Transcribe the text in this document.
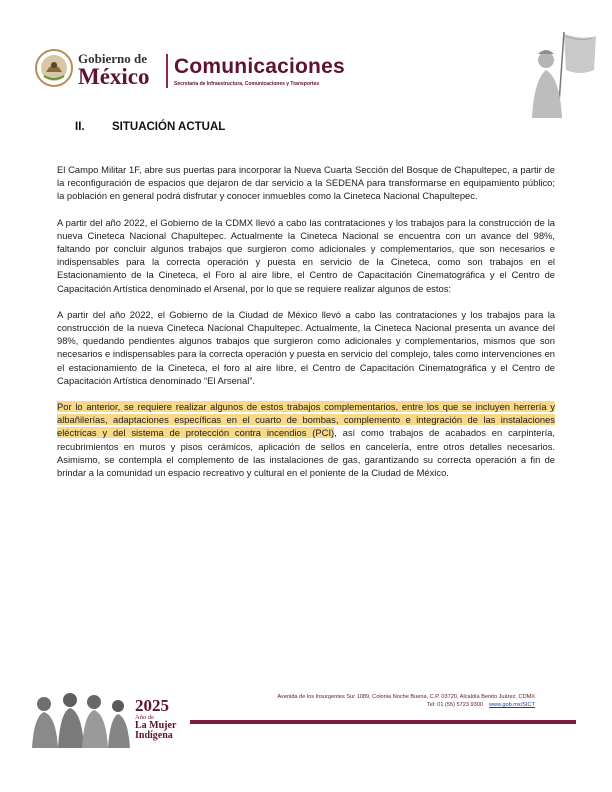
Gobierno de
México Comunicaciones
Secretaría de Infraestructura, Comunicaciones y Transportes
II. SITUACIÓN ACTUAL

El Campo Militar 1F, abre sus puertas para incorporar la Nueva Cuarta Sección del Bosque de Chapultepec, a partir de la reconfiguración de espacios que dejaron de dar servicio a la SEDENA para transformarse en equipamiento público; la población en general podrá disfrutar y conocer inmuebles como la Cineteca Nacional Chapultepec.

A partir del año 2022, el Gobierno de la CDMX llevó a cabo las contrataciones y los trabajos para la construcción de la nueva Cineteca Nacional Chapultepec. Actualmente la Cineteca Nacional se encuentra con un avance del 98%, faltando por concluir algunos trabajos que surgieron como adicionales y complementarios, que son necesarios e indispensables para la correcta operación y puesta en servicio de la Cineteca, como son trabajos en el Estacionamiento de la Cineteca, el Foro al aire libre, el Centro de Capacitación Cinematográfica y el Centro de Capacitación Artística denominado el Arsenal, por lo que se requiere realizar algunos de estos:

A partir del año 2022, el Gobierno de la Ciudad de México llevó a cabo las contrataciones y los trabajos para la construcción de la nueva Cineteca Nacional Chapultepec. Actualmente, la Cineteca Nacional presenta un avance del 98%, quedando pendientes algunos trabajos que surgieron como adicionales y complementarios, mismos que son necesarios e indispensables para la correcta operación y puesta en servicio del complejo, tales como intervenciones en el estacionamiento de la Cineteca, el foro al aire libre, el Centro de Capacitación Cinematográfica y el Centro de Capacitación Artística denominado “El Arsenal”.

Por lo anterior, se requiere realizar algunos de estos trabajos complementarios, entre los que se incluyen herrería y albañilerías, adaptaciones específicas en el cuarto de bombas, complemento e integración de las instalaciones eléctricas y del sistema de protección contra incendios (PCI), así como trabajos de acabados en carpintería, recubrimientos en muros y pisos cerámicos, aplicación de sellos en cancelería, entre otros detalles necesarios. Asimismo, se contempla el complemento de las instalaciones de gas, garantizando su correcta operación a fin de brindar a la comunidad un espacio recreativo y cultural en el poniente de la Ciudad de México.

2025
Año de
La Mujer
Indígena
Avenida de los Insurgentes Sur 1089, Colonia Noche Buena, C.P. 03720, Alcaldía Benito Juárez, CDMX
Tel: 01 (55) 5723 9300 www.gob.mx/SICT
